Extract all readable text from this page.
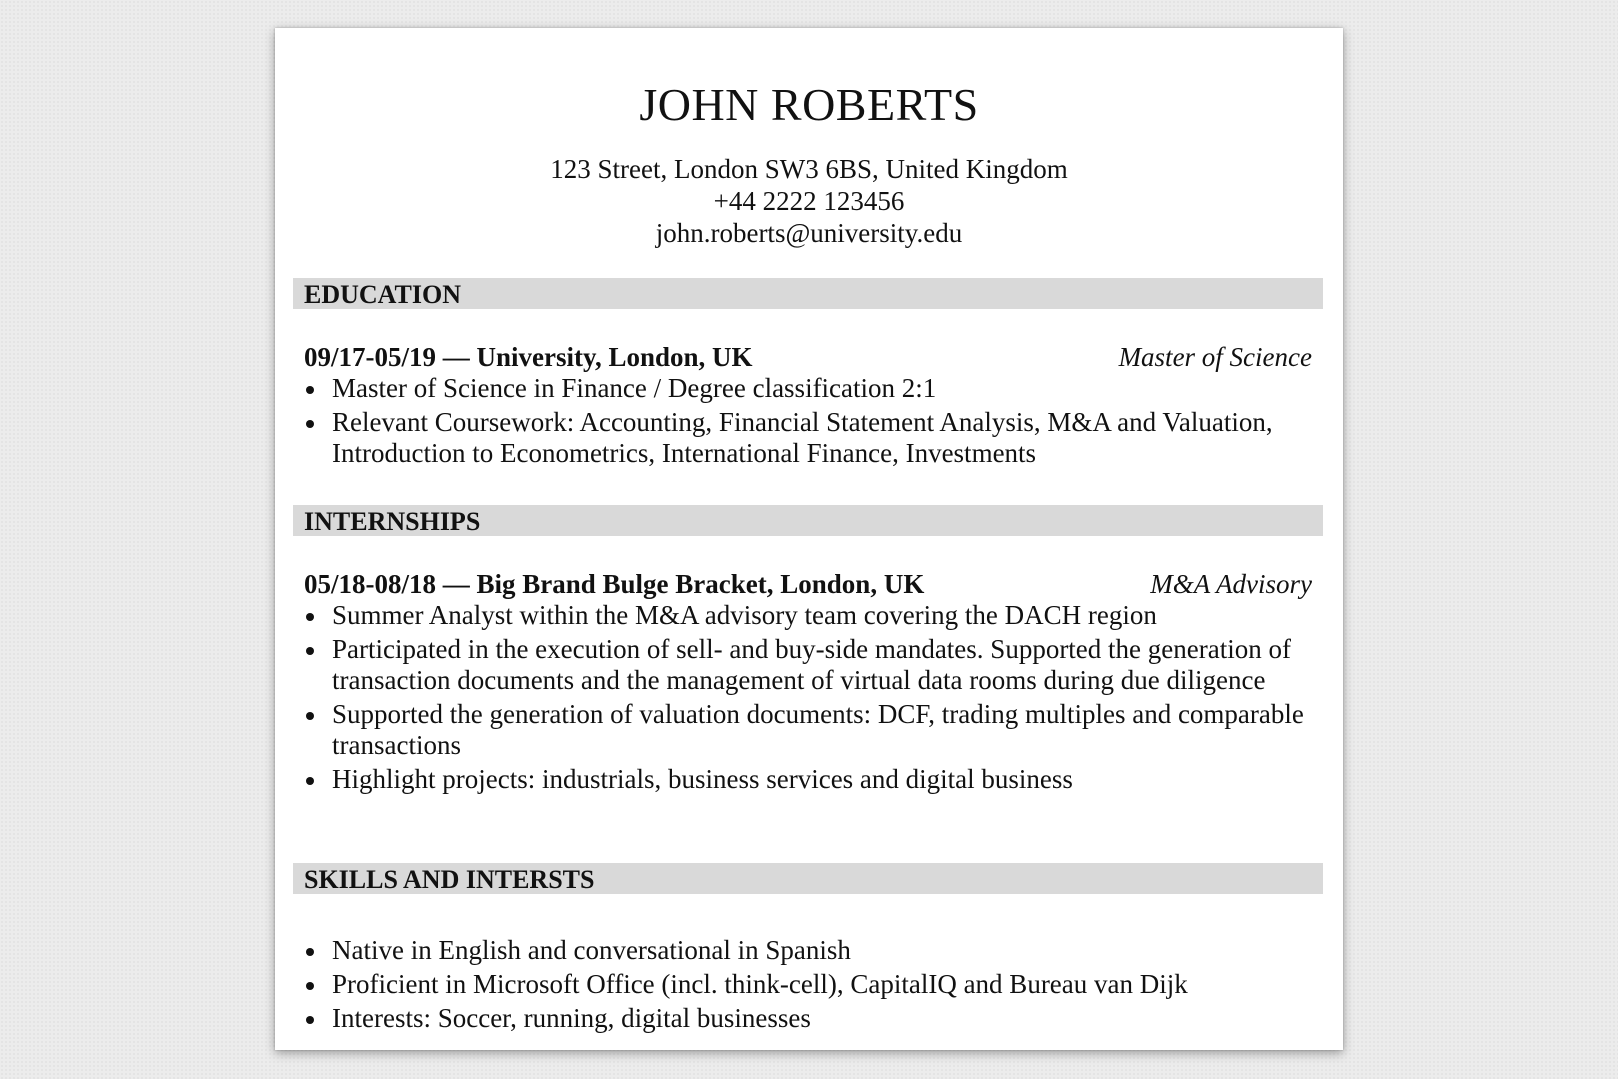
JOHN ROBERTS
123 Street, London SW3 6BS, United Kingdom
+44 2222 123456
john.roberts@university.edu
EDUCATION
09/17-05/19 — University, London, UK	Master of Science
Master of Science in Finance / Degree classification 2:1
Relevant Coursework: Accounting, Financial Statement Analysis, M&A and Valuation, Introduction to Econometrics, International Finance, Investments
INTERNSHIPS
05/18-08/18 — Big Brand Bulge Bracket, London, UK	M&A Advisory
Summer Analyst within the M&A advisory team covering the DACH region
Participated in the execution of sell- and buy-side mandates. Supported the generation of transaction documents and the management of virtual data rooms during due diligence
Supported the generation of valuation documents: DCF, trading multiples and comparable transactions
Highlight projects: industrials, business services and digital business
SKILLS AND INTERSTS
Native in English and conversational in Spanish
Proficient in Microsoft Office (incl. think-cell), CapitalIQ and Bureau van Dijk
Interests: Soccer, running, digital businesses
